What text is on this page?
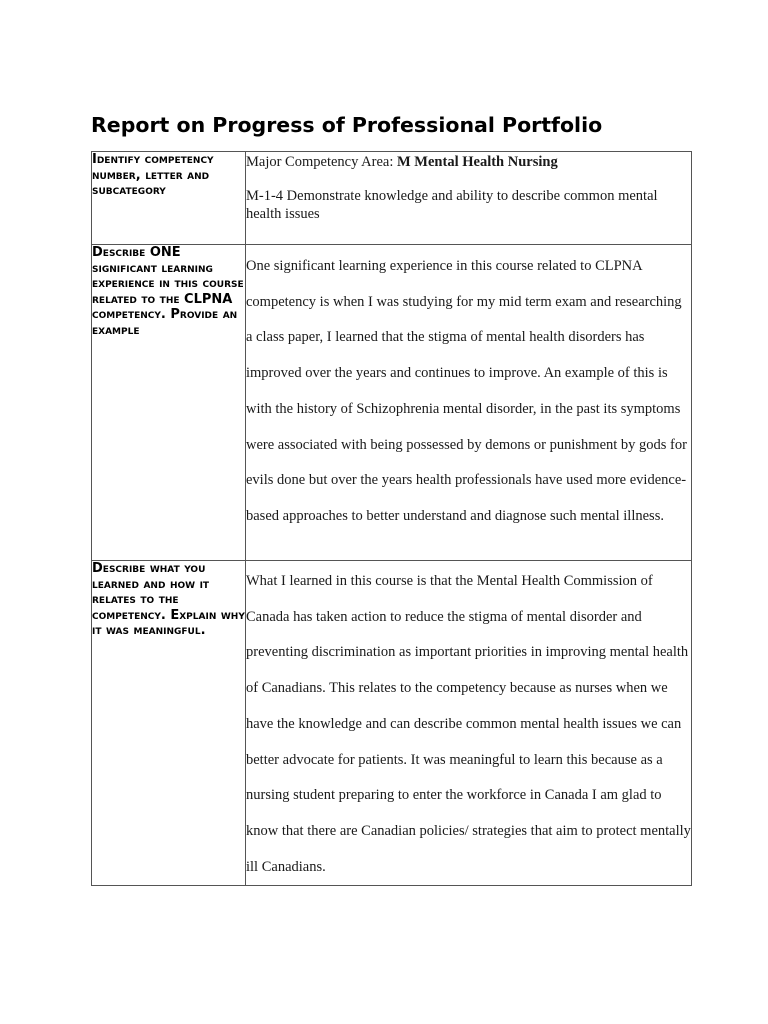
Report on Progress of Professional Portfolio
Identify competency number, letter and subcategory	Major Competency Area: M Mental Health Nursing

M-1-4 Demonstrate knowledge and ability to describe common mental health issues

Describe ONE significant learning experience in this course related to the CLPNA competency. Provide an example	One significant learning experience in this course related to CLPNA competency is when I was studying for my mid term exam and researching a class paper, I learned that the stigma of mental health disorders has improved over the years and continues to improve. An example of this is with the history of Schizophrenia mental disorder, in the past its symptoms were associated with being possessed by demons or punishment by gods for evils done but over the years health professionals have used more evidence-based approaches to better understand and diagnose such mental illness.

Describe what you learned and how it relates to the competency. Explain why it was meaningful.	What I learned in this course is that the Mental Health Commission of Canada has taken action to reduce the stigma of mental disorder and preventing discrimination as important priorities in improving mental health of Canadians. This relates to the competency because as nurses when we have the knowledge and can describe common mental health issues we can better advocate for patients. It was meaningful to learn this because as a nursing student preparing to enter the workforce in Canada I am glad to know that there are Canadian policies/ strategies that aim to protect mentally ill Canadians.
